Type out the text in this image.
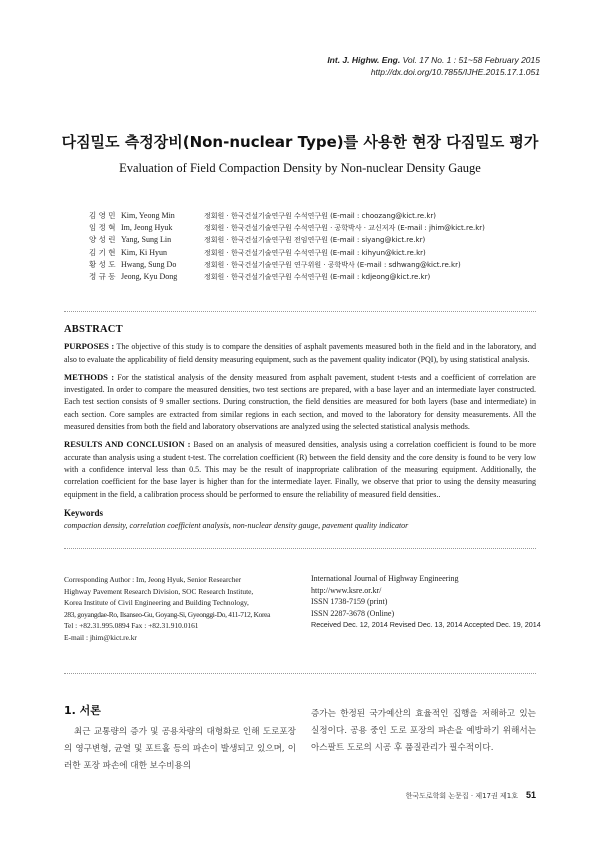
Int. J. Highw. Eng. Vol. 17 No. 1 : 51~58 February 2015
http://dx.doi.org/10.7855/IJHE.2015.17.1.051
다짐밀도 측정장비(Non-nuclear Type)를 사용한 현장 다짐밀도 평가
Evaluation of Field Compaction Density by Non-nuclear Density Gauge
김 영 민 Kim, Yeong Min	정회원 · 한국건설기술연구원 수석연구원 (E-mail : choozang@kict.re.kr)
임 정 혁 Im, Jeong Hyuk	정회원 · 한국건설기술연구원 수석연구원 · 공학박사 · 교신저자 (E-mail : jhim@kict.re.kr)
양 성 린 Yang, Sung Lin	정회원 · 한국건설기술연구원 전임연구원 (E-mail : siyang@kict.re.kr)
김 기 현 Kim, Ki Hyun	정회원 · 한국건설기술연구원 수석연구원 (E-mail : kihyun@kict.re.kr)
황 성 도 Hwang, Sung Do	정회원 · 한국건설기술연구원 연구위원 · 공학박사 (E-mail : sdhwang@kict.re.kr)
정 규 동 Jeong, Kyu Dong	정회원 · 한국건설기술연구원 수석연구원 (E-mail : kdjeong@kict.re.kr)
ABSTRACT

PURPOSES : The objective of this study is to compare the densities of asphalt pavements measured both in the field and in the laboratory, and also to evaluate the applicability of field density measuring equipment, such as the pavement quality indicator (PQI), by using statistical analysis.

METHODS : For the statistical analysis of the density measured from asphalt pavement, student t-tests and a coefficient of correlation are investigated. In order to compare the measured densities, two test sections are prepared, with a base layer and an intermediate layer constructed. Each test section consists of 9 smaller sections. During construction, the field densities are measured for both layers (base and intermediate) in each section. Core samples are extracted from similar regions in each section, and moved to the laboratory for density measurements. All the measured densities from both the field and laboratory observations are analyzed using the selected statistical analysis methods.

RESULTS AND CONCLUSION : Based on an analysis of measured densities, analysis using a correlation coefficient is found to be more accurate than analysis using a student t-test. The correlation coefficient (R) between the field density and the core density is found to be very low with a confidence interval less than 0.5. This may be the result of inappropriate calibration of the measuring equipment. Additionally, the correlation coefficient for the base layer is higher than for the intermediate layer. Finally, we observe that prior to using the density measuring equipment in the field, a calibration process should be performed to ensure the reliability of measured field densities..

Keywords

compaction density, correlation coefficient analysis, non-nuclear density gauge, pavement quality indicator

Corresponding Author : Im, Jeong Hyuk, Senior Researcher
Highway Pavement Research Division, SOC Research Institute,
Korea Institute of Civil Engineering and Building Technology,
283, goyangdae-Ro, Ilsanseo-Gu, Goyang-Si, Gyeonggi-Do, 411-712, Korea
Tel : +82.31.995.0894 Fax : +82.31.910.0161
E-mail : jhim@kict.re.kr
International Journal of Highway Engineering
http://www.ksre.or.kr/
ISSN 1738-7159 (print)
ISSN 2287-3678 (Online)
Received Dec. 12, 2014 Revised Dec. 13, 2014 Accepted Dec. 19, 2014
1. 서론
최근 교통량의 증가 및 공용차량의 대형화로 인해 도로포장의 영구변형, 균열 및 포트홀 등의 파손이 발생되고 있으며, 이러한 포장 파손에 대한 보수비용의
증가는 한정된 국가예산의 효율적인 집행을 저해하고 있는 실정이다. 공용 중인 도로 포장의 파손을 예방하기 위해서는 아스팔트 도로의 시공 후 품질관리가 필수적이다.
한국도로학회 논문집 · 제17권 제1호 51
